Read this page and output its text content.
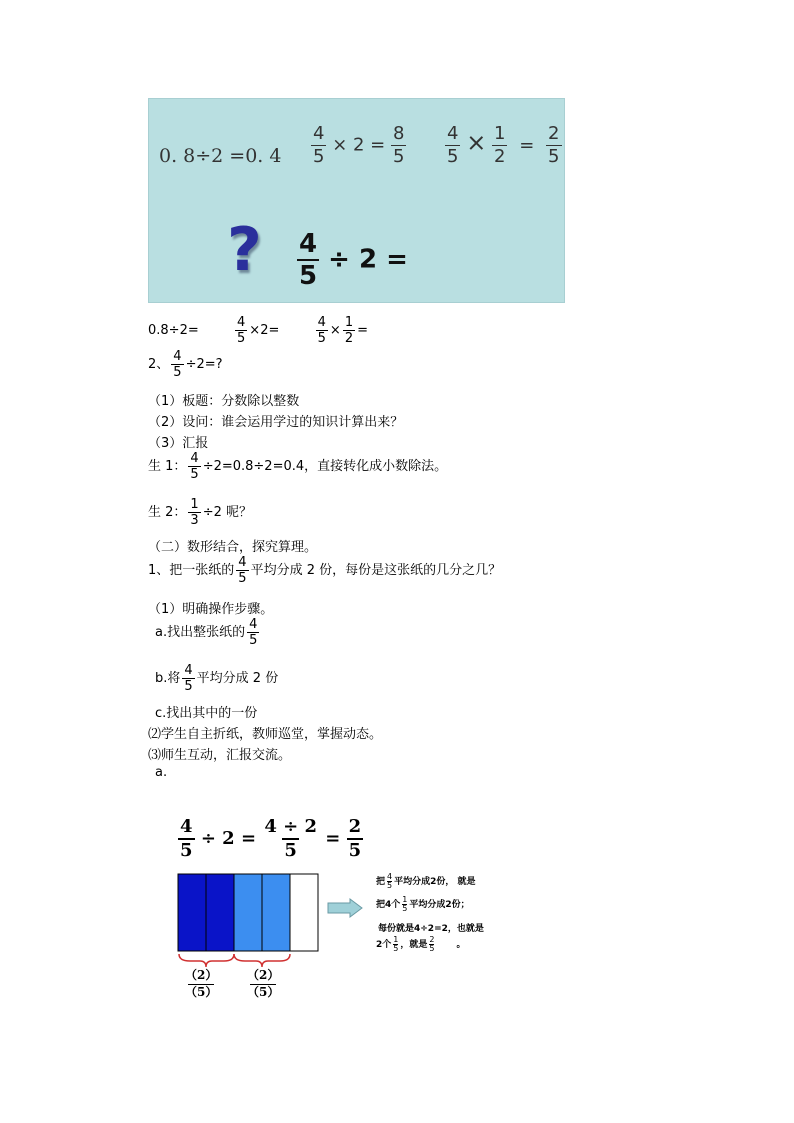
0. 8÷2 =0. $4 \frac{4}{5} \times 2 = \frac{8}{5} \frac{4}{5} \times \frac{1}{2} = \frac{2}{5}$
? $\frac{4}{5} \div 2$ =
0.8÷2=	$\frac{4}{5} \times 2=$	$\frac{4}{5} \times \frac{1}{2}$ =
2、 $\frac{4}{5} \div 2=$?
（1）板题：分数除以整数
（2）设问：谁会运用学过的知识计算出来？
（3）汇报
生 1： $\frac{4}{5} \div 2=0.8\div 2=0.4$，直接转化成小数除法。
生 2： $\frac{1}{3} \div 2$ 呢？
（二）数形结合，探究算理。
1、把一张纸的 $\frac{4}{5}$ 平均分成 2 份，每份是这张纸的几分之几？
（1）明确操作步骤。
a.找出整张纸的 $\frac{4}{5}$
b.将 $\frac{4}{5}$ 平均分成 2 份
c.找出其中的一份
⑵学生自主折纸，教师巡堂，掌握动态。
⑶师生互动，汇报交流。
a.
$\frac{4}{5} \div 2 = \frac{4 \div 2}{5} = \frac{2}{5}$
（2）
（5）
（2）
（5）
把 $\frac{4}{5}$ 平均分成2份， 就是
把4个 $\frac{1}{5}$ 平均分成2份；
每份就是4÷2=2，也就是
2个 $\frac{1}{5}$ ，就是 $\frac{2}{5}$ 。
